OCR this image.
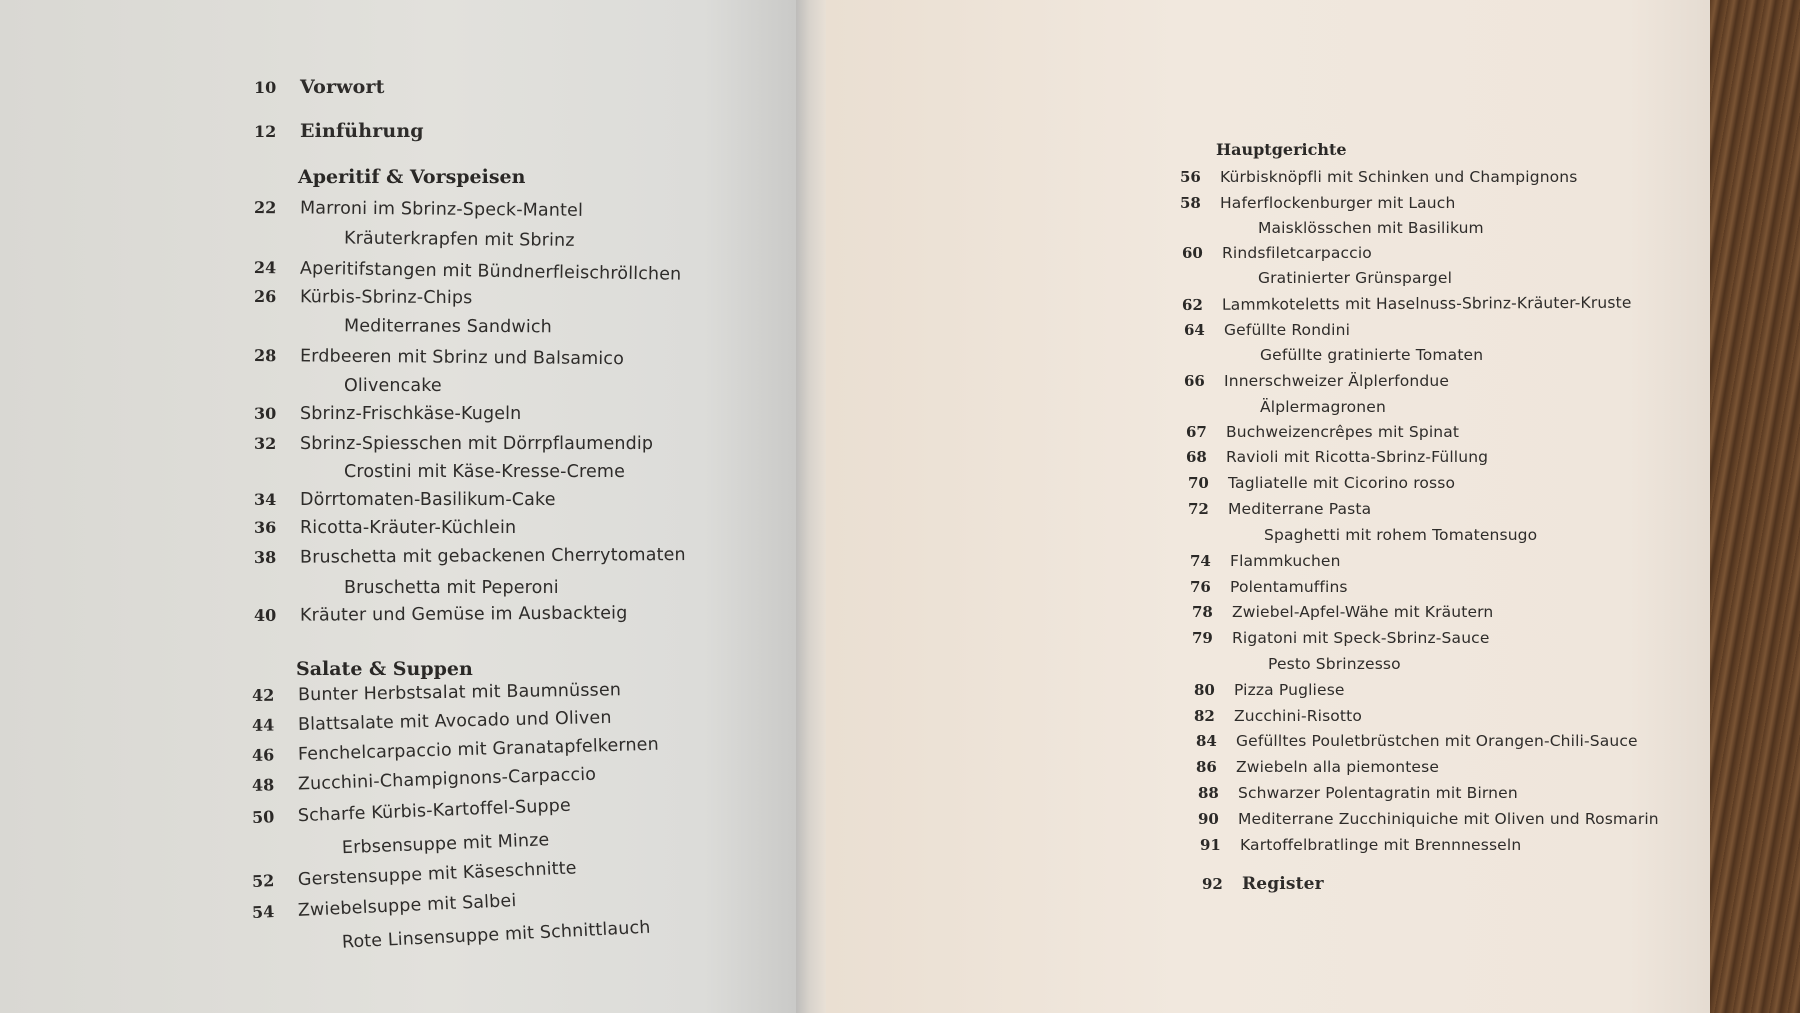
10	Vorwort
12	Einführung
Aperitif & Vorspeisen
22	Marroni im Sbrinz-Speck-Mantel
Kräuterkrapfen mit Sbrinz
24	Aperitifstangen mit Bündnerfleischröllchen
26	Kürbis-Sbrinz-Chips
Mediterranes Sandwich
28	Erdbeeren mit Sbrinz und Balsamico
Olivencake
30	Sbrinz-Frischkäse-Kugeln
32	Sbrinz-Spiesschen mit Dörrpflaumendip
Crostini mit Käse-Kresse-Creme
34	Dörrtomaten-Basilikum-Cake
36	Ricotta-Kräuter-Küchlein
38	Bruschetta mit gebackenen Cherrytomaten
Bruschetta mit Peperoni
40	Kräuter und Gemüse im Ausbackteig
Salate & Suppen
42	Bunter Herbstsalat mit Baumnüssen
44	Blattsalate mit Avocado und Oliven
46	Fenchelcarpaccio mit Granatapfelkernen
48	Zucchini-Champignons-Carpaccio
50	Scharfe Kürbis-Kartoffel-Suppe
Erbsensuppe mit Minze
52	Gerstensuppe mit Käseschnitte
54	Zwiebelsuppe mit Salbei
Rote Linsensuppe mit Schnittlauch
Hauptgerichte
56	Kürbisknöpfli mit Schinken und Champignons
58	Haferflockenburger mit Lauch
Maisklösschen mit Basilikum
60	Rindsfiletcarpaccio
Gratinierter Grünspargel
62	Lammkoteletts mit Haselnuss-Sbrinz-Kräuter-Kruste
64	Gefüllte Rondini
Gefüllte gratinierte Tomaten
66	Innerschweizer Älplerfondue
Älplermagronen
67	Buchweizencrêpes mit Spinat
68	Ravioli mit Ricotta-Sbrinz-Füllung
70	Tagliatelle mit Cicorino rosso
72	Mediterrane Pasta
Spaghetti mit rohem Tomatensugo
74	Flammkuchen
76	Polentamuffins
78	Zwiebel-Apfel-Wähe mit Kräutern
79	Rigatoni mit Speck-Sbrinz-Sauce
Pesto Sbrinzesso
80	Pizza Pugliese
82	Zucchini-Risotto
84	Gefülltes Pouletbrüstchen mit Orangen-Chili-Sauce
86	Zwiebeln alla piemontese
88	Schwarzer Polentagratin mit Birnen
90	Mediterrane Zucchiniquiche mit Oliven und Rosmarin
91	Kartoffelbratlinge mit Brennnesseln
92	Register
